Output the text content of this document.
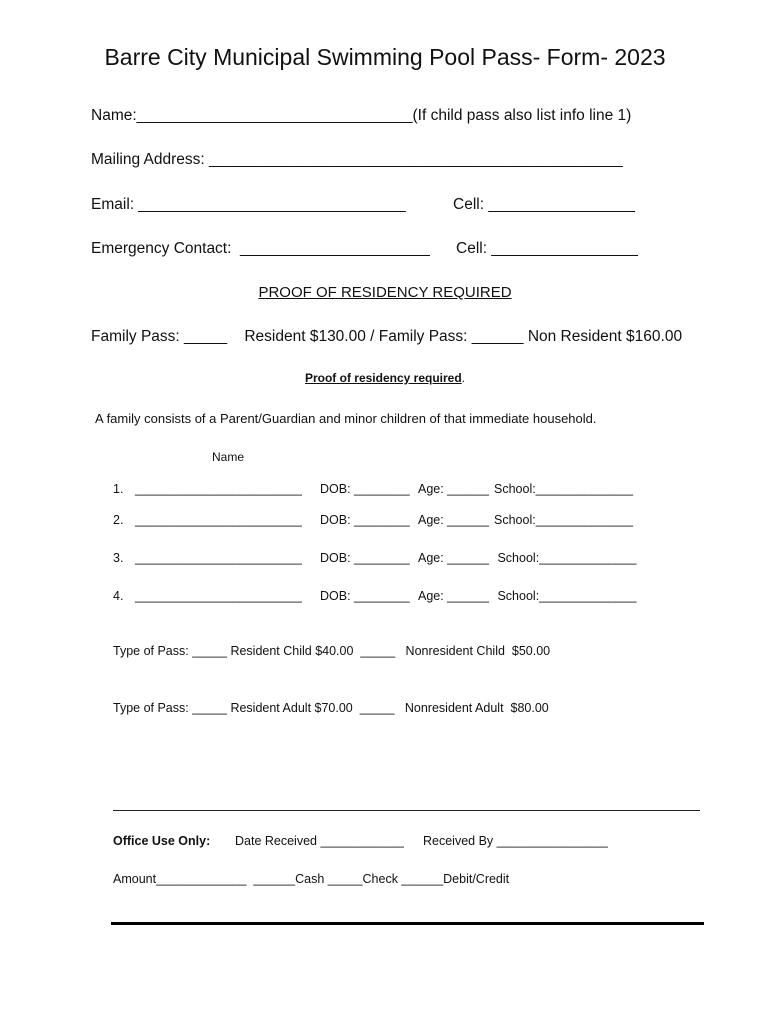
Barre City Municipal Swimming Pool Pass- Form- 2023
Name:________________________________(If child pass also list info line 1)
Mailing Address: ________________________________________________
Email: _______________________________	Cell: _________________
Emergency Contact:  ______________________ Cell: _________________
PROOF OF RESIDENCY REQUIRED
Family Pass: _____    Resident $130.00 / Family Pass: ______ Non Resident $160.00
Proof of residency required.
A family consists of a Parent/Guardian and minor children of that immediate household.
Name
1. ________________________ DOB: ________ Age: ______ School:______________
2. ________________________ DOB: ________ Age: ______ School:______________
3. ________________________ DOB: ________ Age: ______ School:______________
4. ________________________ DOB: ________ Age: ______ School:______________
Type of Pass: _____ Resident Child $40.00  _____   Nonresident Child  $50.00
Type of Pass: _____ Resident Adult $70.00  _____   Nonresident Adult  $80.00
Office Use Only: Date Received ____________ Received By ________________
Amount_____________  ______Cash _____Check ______Debit/Credit
